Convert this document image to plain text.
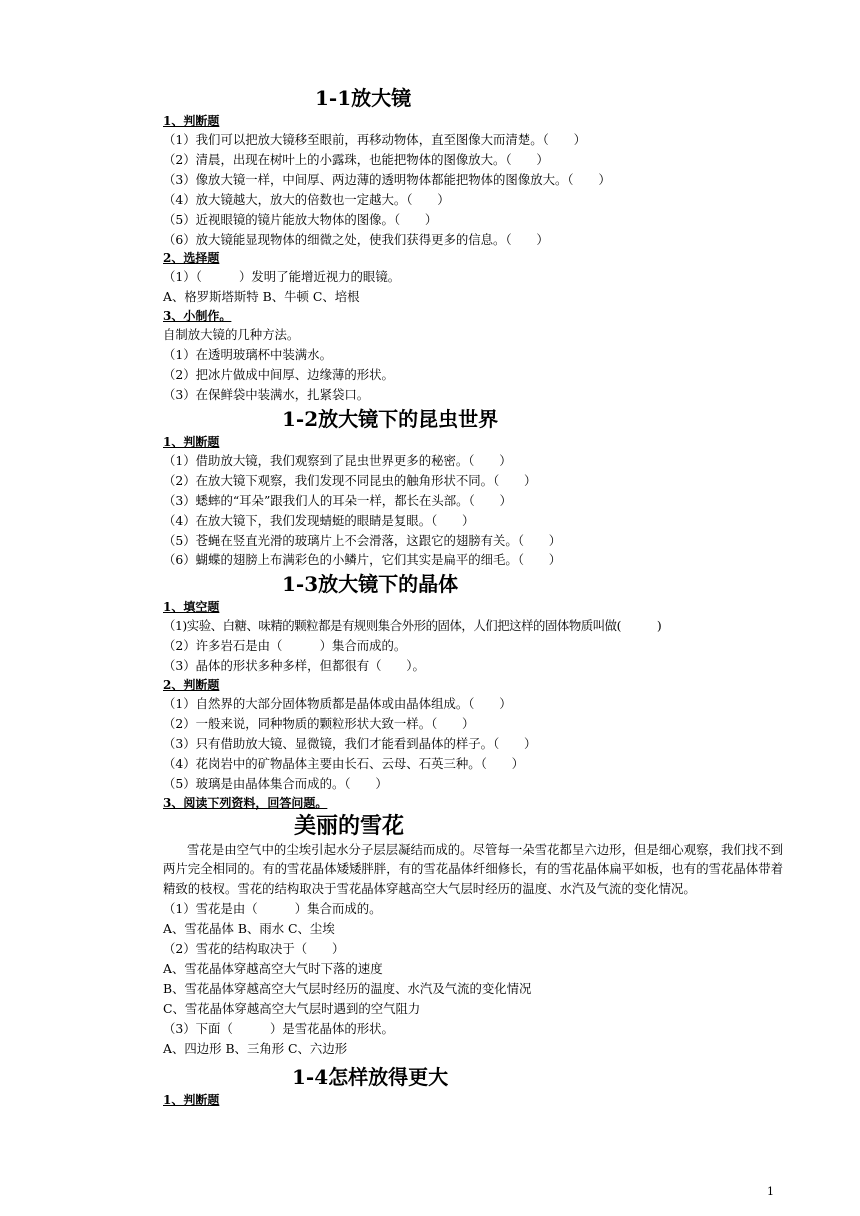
1-1放大镜

1、判断题

（1）我们可以把放大镜移至眼前，再移动物体，直至图像大而清楚。（　　）

（2）清晨，出现在树叶上的小露珠，也能把物体的图像放大。（　　）

（3）像放大镜一样，中间厚、两边薄的透明物体都能把物体的图像放大。（　　）

（4）放大镜越大，放大的倍数也一定越大。（　　）

（5）近视眼镜的镜片能放大物体的图像。（　　）

（6）放大镜能显现物体的细微之处，使我们获得更多的信息。（　　）

2、选择题

（1）（　　　）发明了能增近视力的眼镜。

A、格罗斯塔斯特 B、牛顿 C、培根

3、小制作。

自制放大镜的几种方法。

（1）在透明玻璃杯中装满水。

（2）把冰片做成中间厚、边缘薄的形状。

（3）在保鲜袋中装满水，扎紧袋口。

1-2放大镜下的昆虫世界

1、判断题

（1）借助放大镜，我们观察到了昆虫世界更多的秘密。（　　）

（2）在放大镜下观察，我们发现不同昆虫的触角形状不同。（　　）

（3）蟋蟀的“耳朵”跟我们人的耳朵一样，都长在头部。（　　）

（4）在放大镜下，我们发现蜻蜓的眼睛是复眼。（　　）

（5）苍蝇在竖直光滑的玻璃片上不会滑落，这跟它的翅膀有关。（　　）

（6）蝴蝶的翅膀上布满彩色的小鳞片，它们其实是扁平的细毛。（　　）

1-3放大镜下的晶体

1、填空题

（1)实验、白糖、味精的颗粒都是有规则集合外形的固体，人们把这样的固体物质叫做(　　　)

（2）许多岩石是由（　　　）集合而成的。

（3）晶体的形状多种多样，但都很有（　　）。

2、判断题

（1）自然界的大部分固体物质都是晶体或由晶体组成。（　　）

（2）一般来说，同种物质的颗粒形状大致一样。（　　）

（3）只有借助放大镜、显微镜，我们才能看到晶体的样子。（　　）

（4）花岗岩中的矿物晶体主要由长石、云母、石英三种。（　　）

（5）玻璃是由晶体集合而成的。（　　）

3、阅读下列资料，回答问题。

美丽的雪花

雪花是由空气中的尘埃引起水分子层层凝结而成的。尽管每一朵雪花都呈六边形，但是细心观察，我们找不到两片完全相同的。有的雪花晶体矮矮胖胖，有的雪花晶体纤细修长，有的雪花晶体扁平如板，也有的雪花晶体带着精致的枝杈。雪花的结构取决于雪花晶体穿越高空大气层时经历的温度、水汽及气流的变化情况。

（1）雪花是由（　　　）集合而成的。

A、雪花晶体 B、雨水 C、尘埃

（2）雪花的结构取决于（　　）

A、雪花晶体穿越高空大气时下落的速度

B、雪花晶体穿越高空大气层时经历的温度、水汽及气流的变化情况

C、雪花晶体穿越高空大气层时遇到的空气阻力

（3）下面（　　　）是雪花晶体的形状。

A、四边形 B、三角形 C、六边形

1-4怎样放得更大

1、判断题

1
